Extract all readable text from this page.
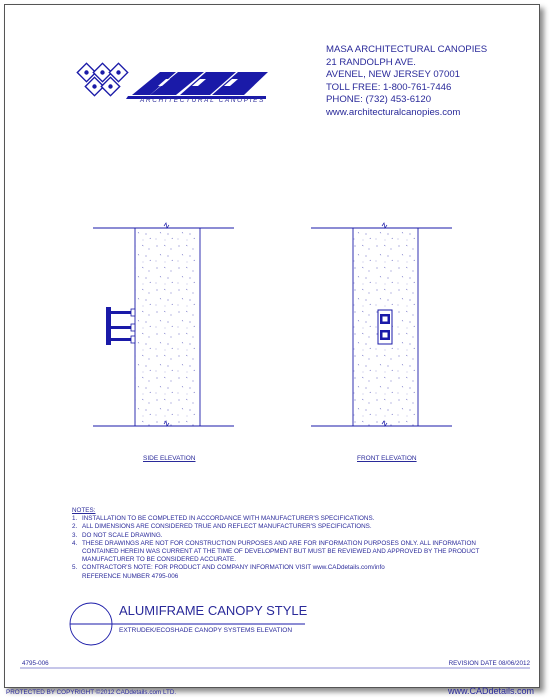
ARCHITECTURAL CANOPIES
MASA ARCHITECTURAL CANOPIES
21 RANDOLPH AVE.
AVENEL, NEW JERSEY 07001
TOLL FREE: 1-800-761-7446
PHONE: (732) 453-6120
www.architecturalcanopies.com
SIDE ELEVATION	FRONT ELEVATION
NOTES:
1. INSTALLATION TO BE COMPLETED IN ACCORDANCE WITH MANUFACTURER'S SPECIFICATIONS.
2. ALL DIMENSIONS ARE CONSIDERED TRUE AND REFLECT MANUFACTURER'S SPECIFICATIONS.
3. DO NOT SCALE DRAWING.
4. THESE DRAWINGS ARE NOT FOR CONSTRUCTION PURPOSES AND ARE FOR INFORMATION PURPOSES ONLY. ALL INFORMATION CONTAINED HEREIN WAS CURRENT AT THE TIME OF DEVELOPMENT BUT MUST BE REVIEWED AND APPROVED BY THE PRODUCT MANUFACTURER TO BE CONSIDERED ACCURATE.
5. CONTRACTOR'S NOTE: FOR PRODUCT AND COMPANY INFORMATION VISIT www.CADdetails.com/info
REFERENCE NUMBER 4795-006
ALUMIFRAME CANOPY STYLE
EXTRUDEK/ECOSHADE CANOPY SYSTEMS ELEVATION
4795-006	REVISION DATE 08/06/2012
PROTECTED BY COPYRIGHT ©2012 CADdetails.com LTD.	www.CADdetails.com
